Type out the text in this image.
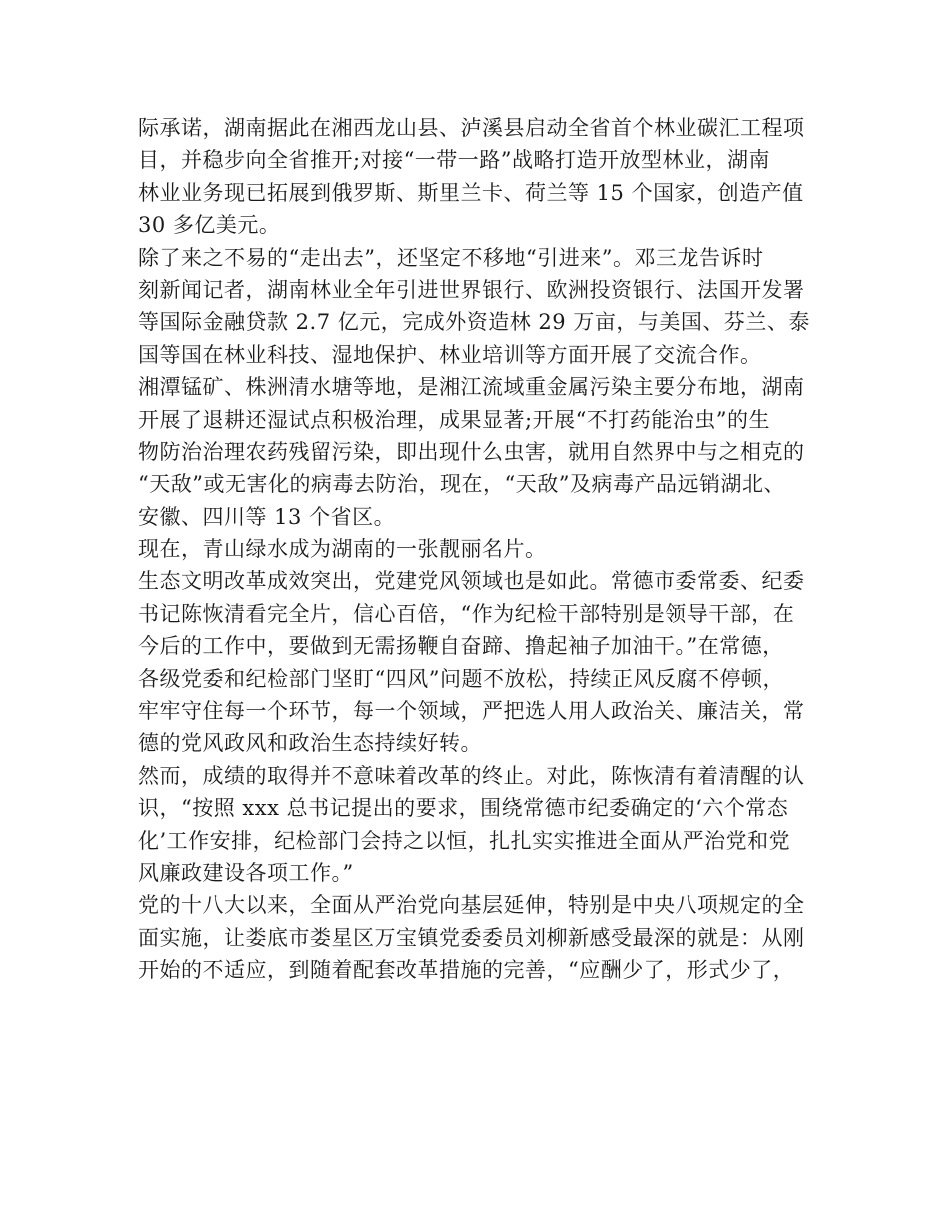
际承诺，湖南据此在湘西龙山县、泸溪县启动全省首个林业碳汇工程项
目，并稳步向全省推开;对接“一带一路”战略打造开放型林业，湖南
林业业务现已拓展到俄罗斯、斯里兰卡、荷兰等 15 个国家，创造产值
30 多亿美元。
除了来之不易的“走出去”，还坚定不移地“引进来”。邓三龙告诉时
刻新闻记者，湖南林业全年引进世界银行、欧洲投资银行、法国开发署
等国际金融贷款 2.7 亿元，完成外资造林 29 万亩，与美国、芬兰、泰
国等国在林业科技、湿地保护、林业培训等方面开展了交流合作。
湘潭锰矿、株洲清水塘等地，是湘江流域重金属污染主要分布地，湖南
开展了退耕还湿试点积极治理，成果显著;开展“不打药能治虫”的生
物防治治理农药残留污染，即出现什么虫害，就用自然界中与之相克的
“天敌”或无害化的病毒去防治，现在，“天敌”及病毒产品远销湖北、
安徽、四川等 13 个省区。
现在，青山绿水成为湖南的一张靓丽名片。
生态文明改革成效突出，党建党风领域也是如此。常德市委常委、纪委
书记陈恢清看完全片，信心百倍，“作为纪检干部特别是领导干部，在
今后的工作中，要做到无需扬鞭自奋蹄、撸起袖子加油干。”在常德，
各级党委和纪检部门坚盯“四风”问题不放松，持续正风反腐不停顿，
牢牢守住每一个环节，每一个领域，严把选人用人政治关、廉洁关，常
德的党风政风和政治生态持续好转。
然而，成绩的取得并不意味着改革的终止。对此，陈恢清有着清醒的认
识，“按照 xxx 总书记提出的要求，围绕常德市纪委确定的‘六个常态
化’工作安排，纪检部门会持之以恒，扎扎实实推进全面从严治党和党
风廉政建设各项工作。”
党的十八大以来，全面从严治党向基层延伸，特别是中央八项规定的全
面实施，让娄底市娄星区万宝镇党委委员刘柳新感受最深的就是：从刚
开始的不适应，到随着配套改革措施的完善，“应酬少了，形式少了，
